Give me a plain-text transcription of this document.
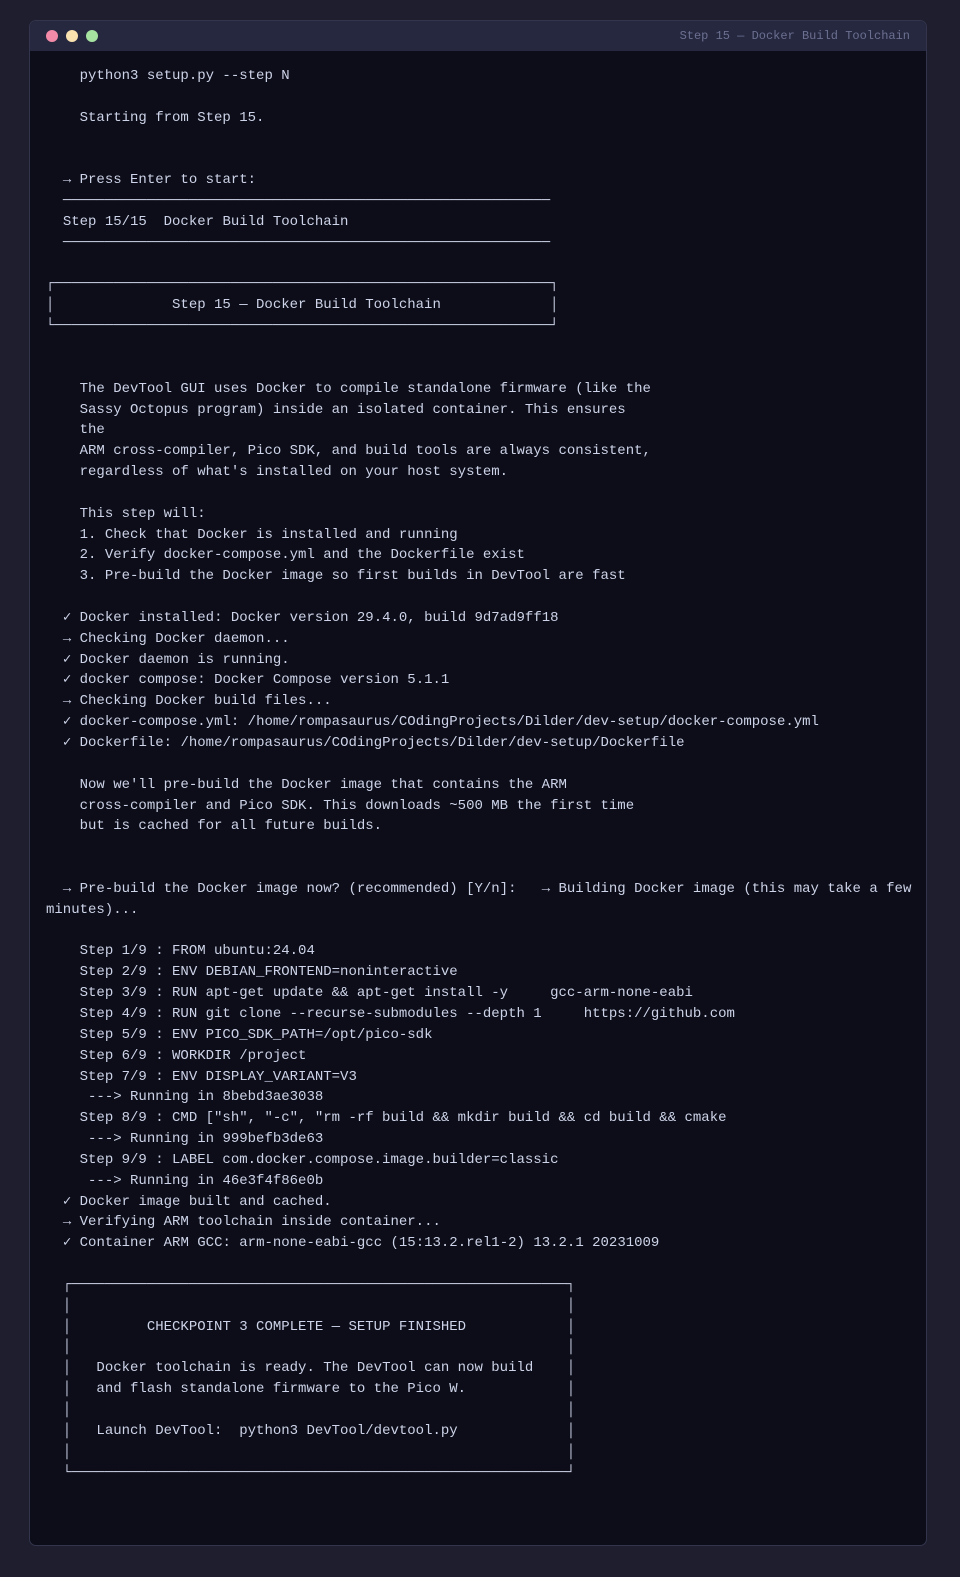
Step 15 — Docker Build Toolchain
python3 setup.py --step N
Starting from Step 15.
→ Press Enter to start:
──────────────────────────────────────────────────────────
Step 15/15  Docker Build Toolchain
──────────────────────────────────────────────────────────
┌───────────────────────────────────────────────────────────┐
│              Step 15 — Docker Build Toolchain             │
└───────────────────────────────────────────────────────────┘
The DevTool GUI uses Docker to compile standalone firmware (like the
Sassy Octopus program) inside an isolated container. This ensures
the
ARM cross-compiler, Pico SDK, and build tools are always consistent,
regardless of what's installed on your host system.
This step will:
1. Check that Docker is installed and running
2. Verify docker-compose.yml and the Dockerfile exist
3. Pre-build the Docker image so first builds in DevTool are fast
✓ Docker installed: Docker version 29.4.0, build 9d7ad9ff18
→ Checking Docker daemon...
✓ Docker daemon is running.
✓ docker compose: Docker Compose version 5.1.1
→ Checking Docker build files...
✓ docker-compose.yml: /home/rompasaurus/COdingProjects/Dilder/dev-setup/docker-compose.yml
✓ Dockerfile: /home/rompasaurus/COdingProjects/Dilder/dev-setup/Dockerfile
Now we'll pre-build the Docker image that contains the ARM
cross-compiler and Pico SDK. This downloads ~500 MB the first time
but is cached for all future builds.
→ Pre-build the Docker image now? (recommended) [Y/n]:   → Building Docker image (this may take a few minutes)...
Step 1/9 : FROM ubuntu:24.04
Step 2/9 : ENV DEBIAN_FRONTEND=noninteractive
Step 3/9 : RUN apt-get update && apt-get install -y     gcc-arm-none-eabi
Step 4/9 : RUN git clone --recurse-submodules --depth 1     https://github.com
Step 5/9 : ENV PICO_SDK_PATH=/opt/pico-sdk
Step 6/9 : WORKDIR /project
Step 7/9 : ENV DISPLAY_VARIANT=V3
---> Running in 8bebd3ae3038
Step 8/9 : CMD ["sh", "-c", "rm -rf build && mkdir build && cd build && cmake
---> Running in 999befb3de63
Step 9/9 : LABEL com.docker.compose.image.builder=classic
---> Running in 46e3f4f86e0b
✓ Docker image built and cached.
→ Verifying ARM toolchain inside container...
✓ Container ARM GCC: arm-none-eabi-gcc (15:13.2.rel1-2) 13.2.1 20231009
┌───────────────────────────────────────────────────────────┐
│                                                           │
│         CHECKPOINT 3 COMPLETE — SETUP FINISHED            │
│                                                           │
│   Docker toolchain is ready. The DevTool can now build    │
│   and flash standalone firmware to the Pico W.            │
│                                                           │
│   Launch DevTool:  python3 DevTool/devtool.py             │
│                                                           │
└───────────────────────────────────────────────────────────┘
